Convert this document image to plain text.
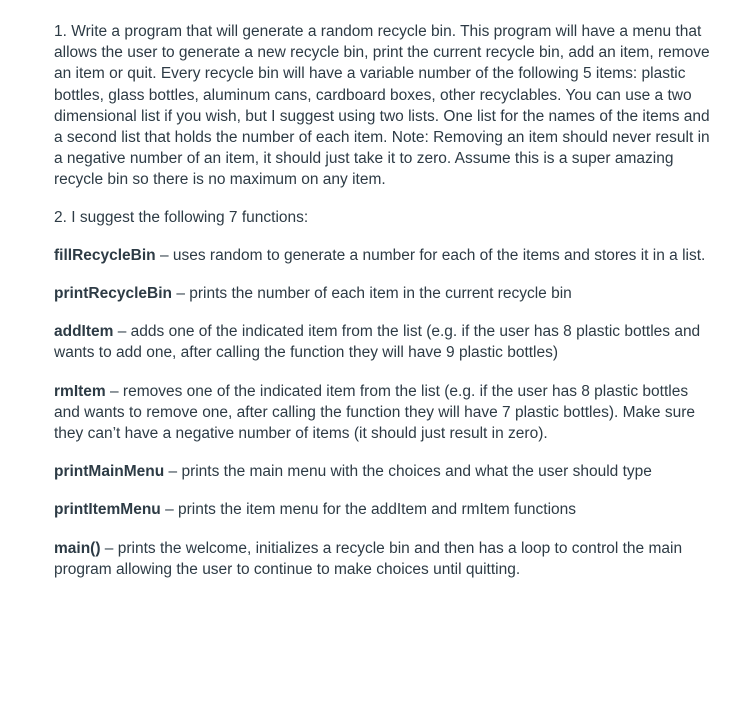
1. Write a program that will generate a random recycle bin. This program will have a menu that allows the user to generate a new recycle bin, print the current recycle bin, add an item, remove an item or quit. Every recycle bin will have a variable number of the following 5 items: plastic bottles, glass bottles, aluminum cans, cardboard boxes, other recyclables. You can use a two dimensional list if you wish, but I suggest using two lists. One list for the names of the items and a second list that holds the number of each item. Note: Removing an item should never result in a negative number of an item, it should just take it to zero. Assume this is a super amazing recycle bin so there is no maximum on any item.

2. I suggest the following 7 functions:

fillRecycleBin – uses random to generate a number for each of the items and stores it in a list.

printRecycleBin – prints the number of each item in the current recycle bin

addItem – adds one of the indicated item from the list (e.g. if the user has 8 plastic bottles and wants to add one, after calling the function they will have 9 plastic bottles)

rmItem – removes one of the indicated item from the list (e.g. if the user has 8 plastic bottles and wants to remove one, after calling the function they will have 7 plastic bottles). Make sure they can’t have a negative number of items (it should just result in zero).

printMainMenu – prints the main menu with the choices and what the user should type

printItemMenu – prints the item menu for the addItem and rmItem functions

main() – prints the welcome, initializes a recycle bin and then has a loop to control the main program allowing the user to continue to make choices until quitting.
